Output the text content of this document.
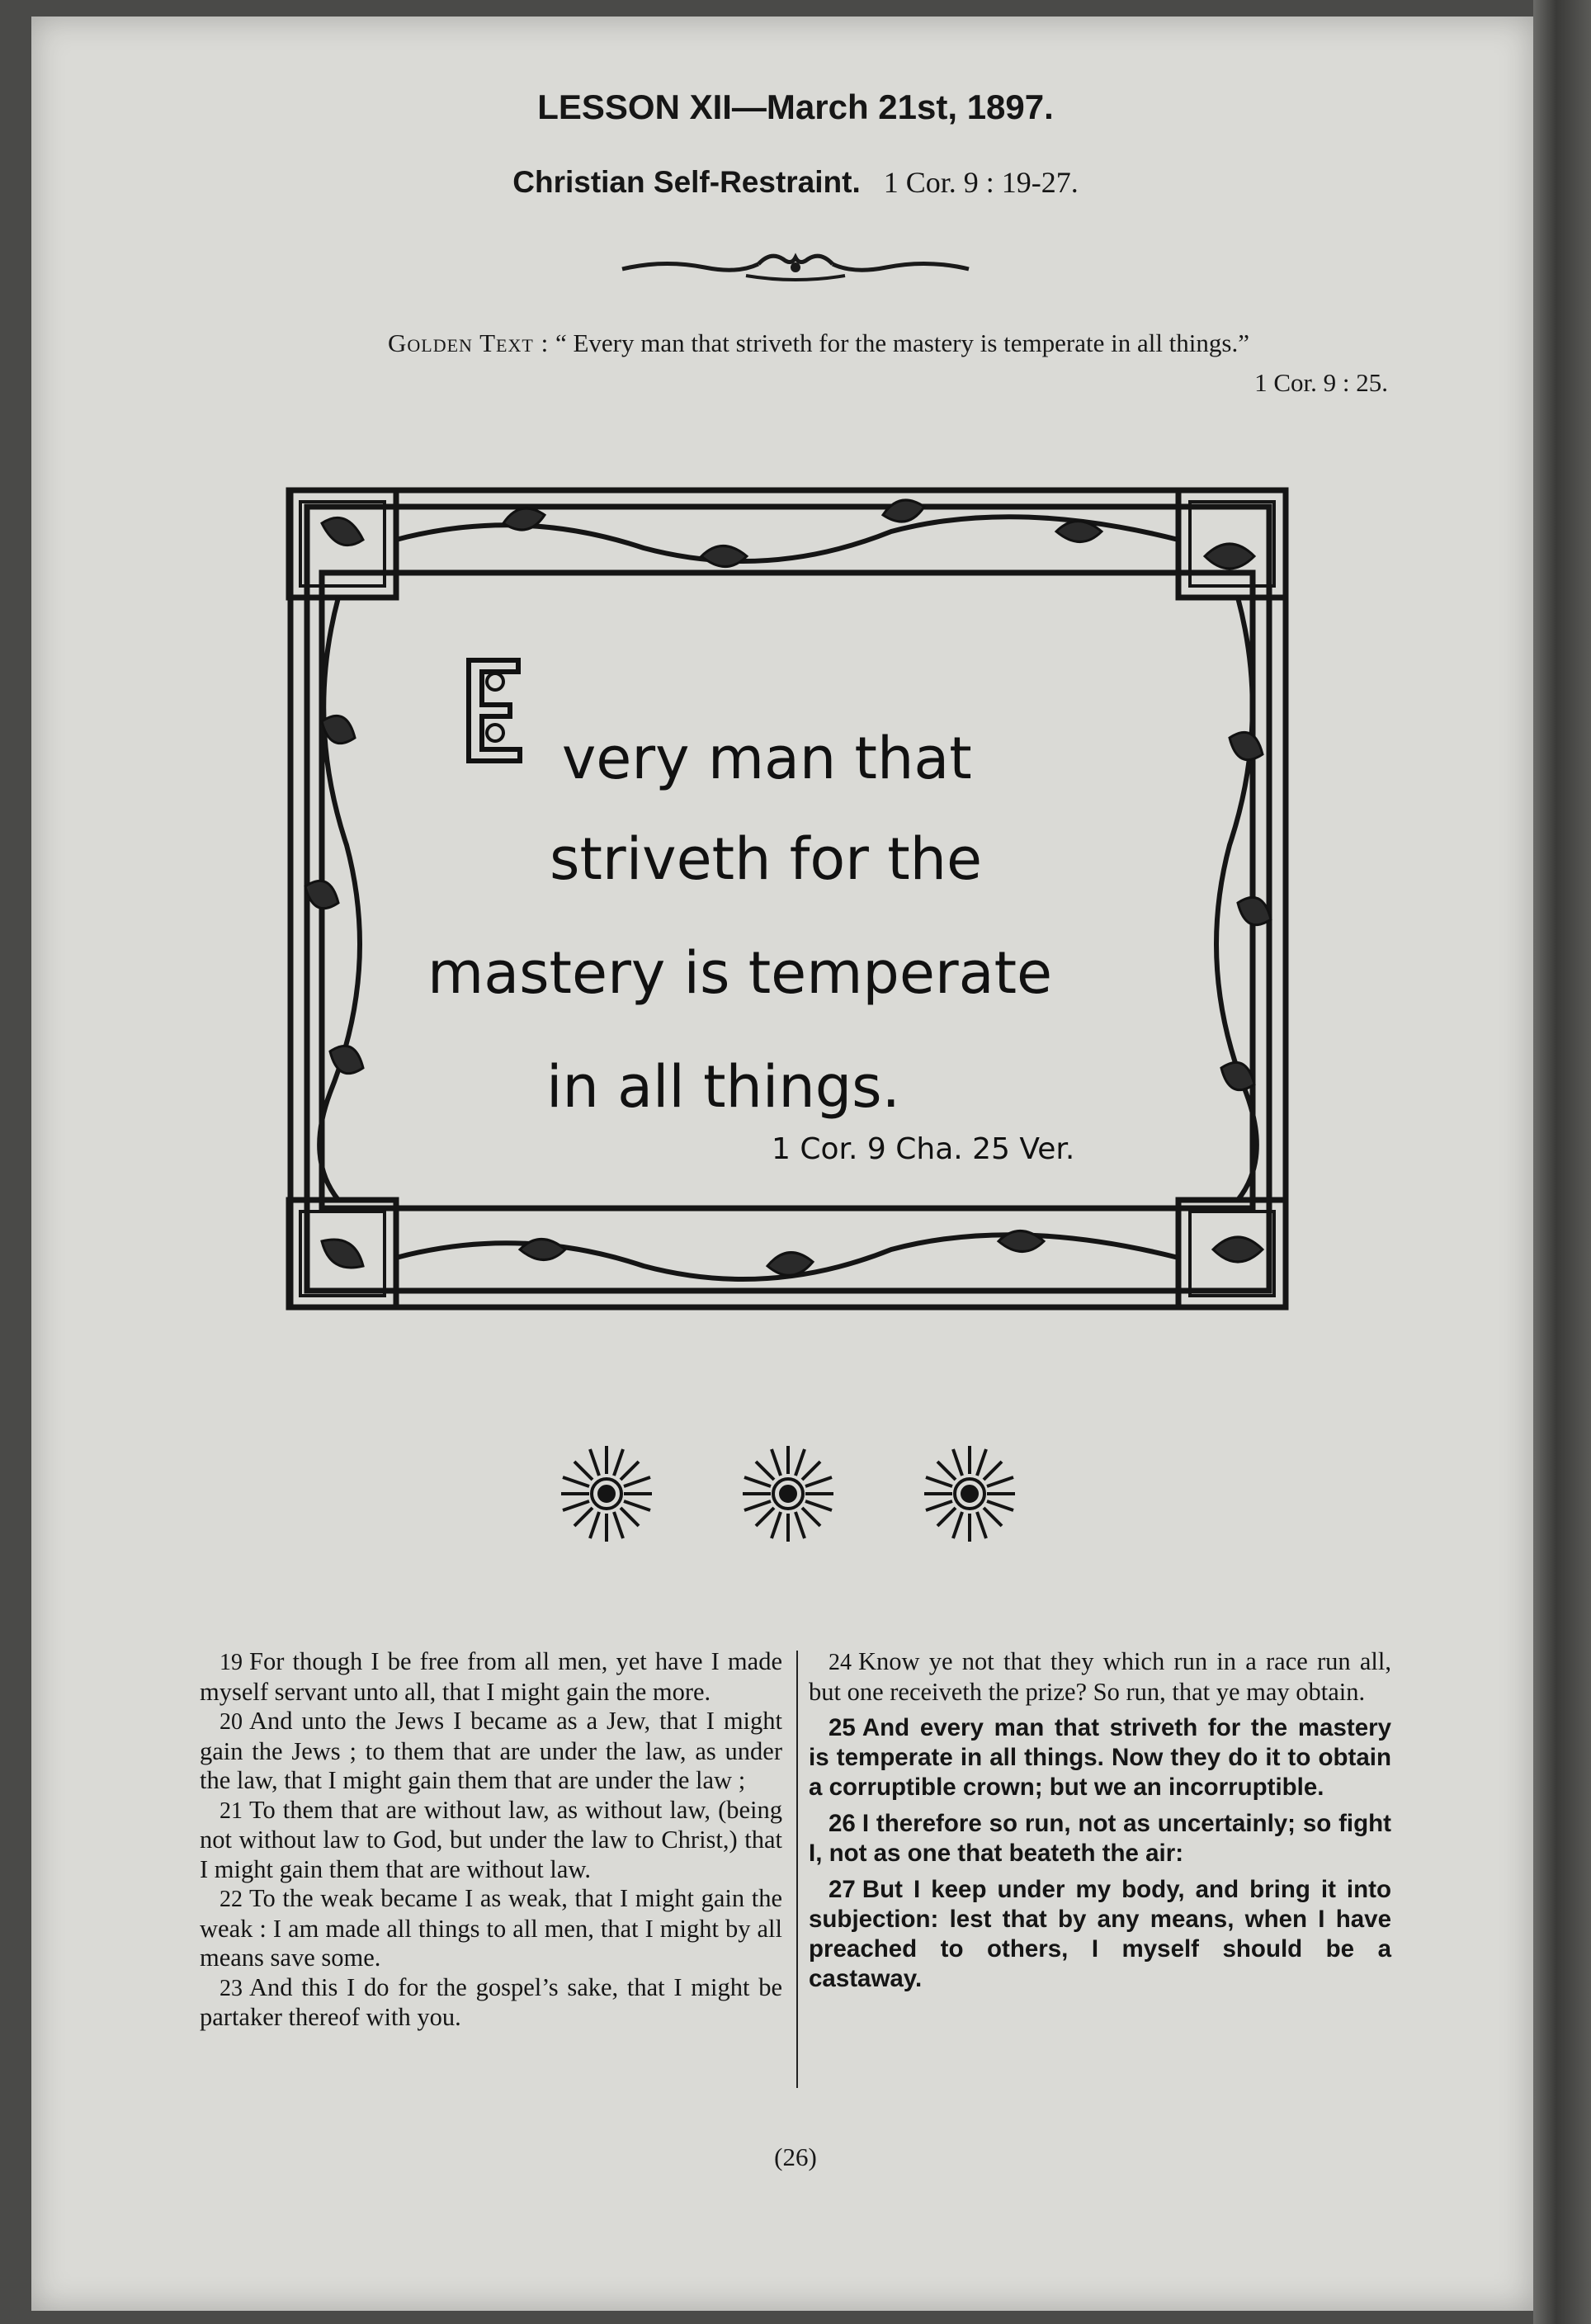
LESSON XII—March 21st, 1897.
Christian Self-Restraint. 1 Cor. 9 : 19-27.
Golden Text : “ Every man that striveth for the mastery is temperate in all things.”
1 Cor. 9 : 25.
very man that
striveth for the
mastery is temperate
in all things.
1 Cor. 9 Cha. 25 Ver.

19 For though I be free from all men, yet have I made myself servant unto all, that I might gain the more.

20 And unto the Jews I became as a Jew, that I might gain the Jews ; to them that are under the law, as under the law, that I might gain them that are under the law ;

21 To them that are without law, as without law, (being not without law to God, but under the law to Christ,) that I might gain them that are without law.

22 To the weak became I as weak, that I might gain the weak : I am made all things to all men, that I might by all means save some.

23 And this I do for the gospel’s sake, that I might be partaker thereof with you.

24 Know ye not that they which run in a race run all, but one receiveth the prize? So run, that ye may obtain.

25 And every man that striveth for the mastery is temperate in all things. Now they do it to obtain a corruptible crown; but we an incorruptible.

26 I therefore so run, not as uncertainly; so fight I, not as one that beateth the air:

27 But I keep under my body, and bring it into subjection: lest that by any means, when I have preached to others, I myself should be a castaway.

(26)
